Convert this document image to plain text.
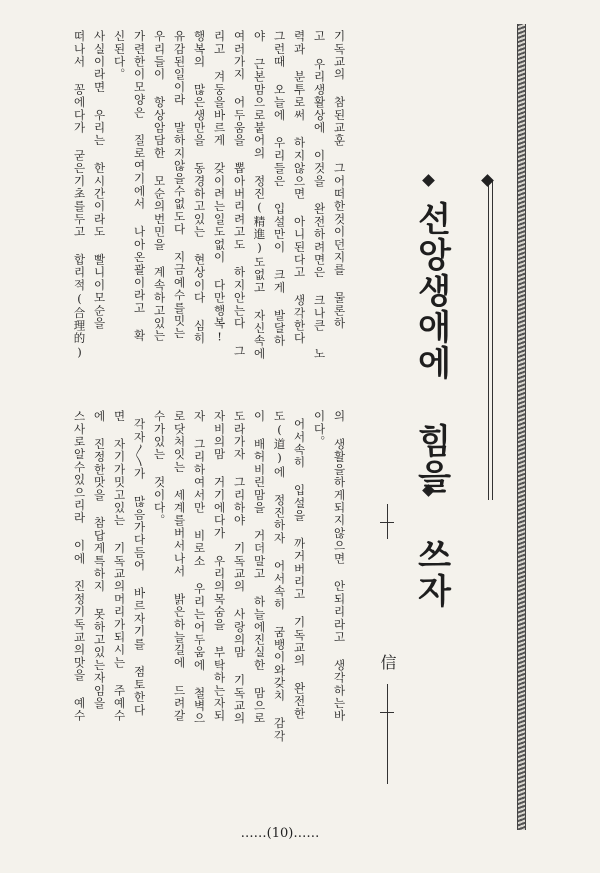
선앙생애에 힘을 쓰자
信
기독교의 참된교훈 그어떠한것이던지를 물론하
고 우리생활상에 이것을 완전하려면은 크나큰 노
력과 분투로써 하지않으면 아니된다고 생각한다
그런때 오늘에 우리들은 입설만이 크게 발달하
야 근본맘으로붙어의 정진(精進)도없고 자신속에
여러가지 어두움을 뽑아버리려고도 하지안는다 그
리고 겨둥을바르게 갖이려는일도없이 다만행복!
행복의 많은생만을 동경하고있는 현상이다 심히
유감된일이라 말하지않을수없도다 지금예수를밋는
우리들이 항상암담한 모순의번민을 계속하고있는
가련한이모양은 질로여기에서 나아온괄이라고 확
신된다。
사실이라면 우리는 한시간이라도 빨니이모순을
떠나서 꽁에다가 굳은기초를두고 합리적(合理的)
의 생활을하게되지않으면 안되리라고 생각하는바
이다。
어서속히 입설을 까거버리고 기독교의 완전한
도(道)에 정진하자 어서속히 굼뱅이와갖치 감각
이 배허비린맘을 거더말고 하늘에진실한 맘으로
도라가자 그리하야 기독교의 사랑의맘 기독교의
자비의맘 거기에다가 우리의목숨을 부탁하는자되
자 그리하여서만 비로소 우리는어두움에 철벽으
로닷처잇는 세계를버서나서 밝은하늘길에 드려갈
수가있는 것이다。
각자〳〵가 많음가다듬어 바르자기를 점토한다
면 자기가밋고있는 기독교의머리가되시는 주예수
에 진정한맛을 참답게특하지 못하고있는자임을
스사로알수있으리라 이에 진정기독교의맛을 예수
……(10)……
